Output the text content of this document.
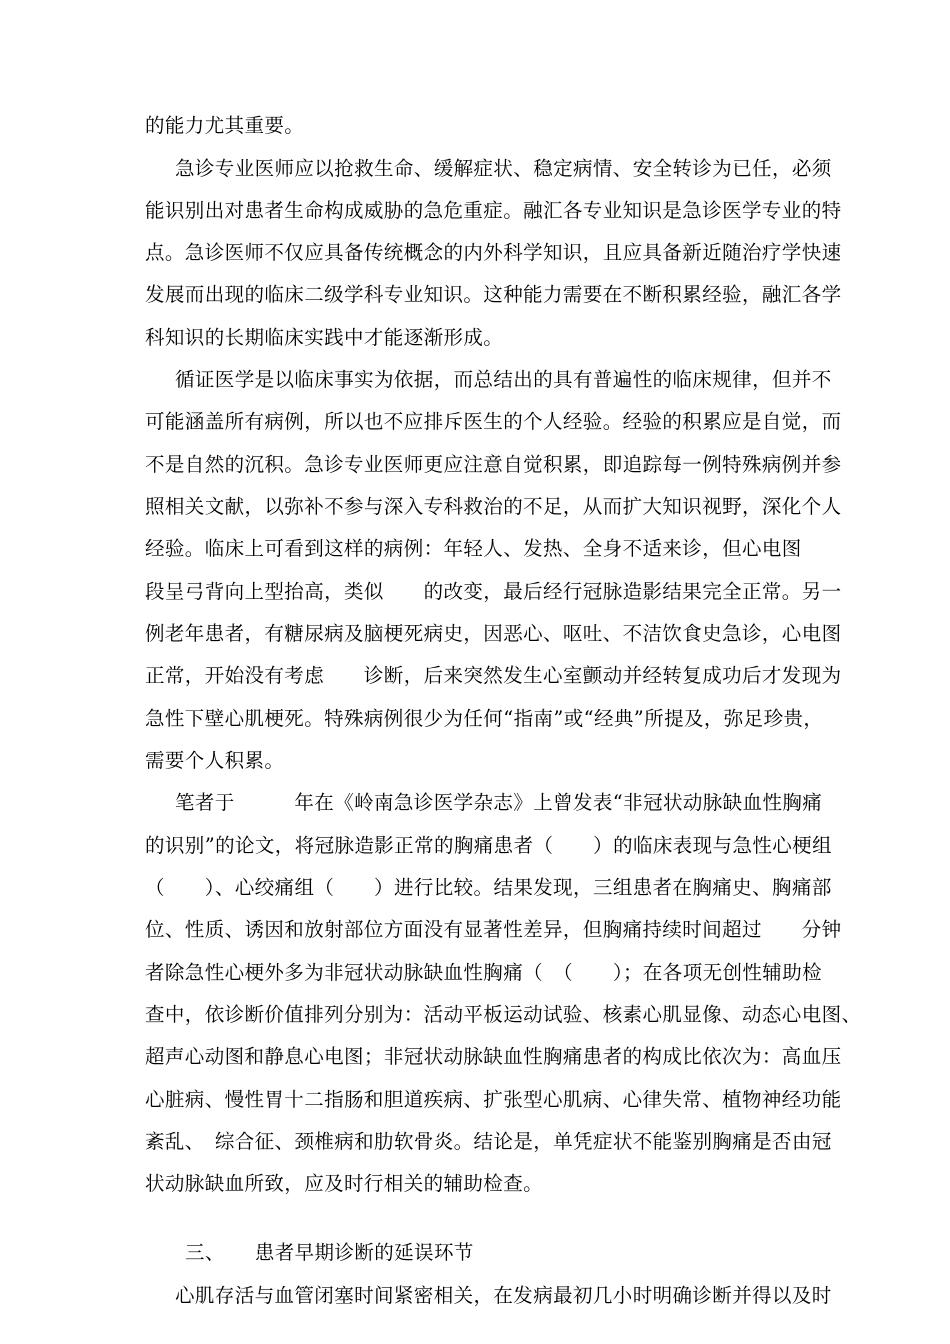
的能力尤其重要。
急诊专业医师应以抢救生命、缓解症状、稳定病情、安全转诊为已任，必须
能识别出对患者生命构成威胁的急危重症。融汇各专业知识是急诊医学专业的特
点。急诊医师不仅应具备传统概念的内外科学知识，且应具备新近随治疗学快速
发展而出现的临床二级学科专业知识。这种能力需要在不断积累经验，融汇各学
科知识的长期临床实践中才能逐渐形成。
循证医学是以临床事实为依据，而总结出的具有普遍性的临床规律，但并不
可能涵盖所有病例，所以也不应排斥医生的个人经验。经验的积累应是自觉，而
不是自然的沉积。急诊专业医师更应注意自觉积累，即追踪每一例特殊病例并参
照相关文献，以弥补不参与深入专科救治的不足，从而扩大知识视野，深化个人
经验。临床上可看到这样的病例：年轻人、发热、全身不适来诊，但心电图
段呈弓背向上型抬高，类似　　的改变，最后经行冠脉造影结果完全正常。另一
例老年患者，有糖尿病及脑梗死病史，因恶心、呕吐、不洁饮食史急诊，心电图
正常，开始没有考虑　　诊断，后来突然发生心室颤动并经转复成功后才发现为
急性下壁心肌梗死。特殊病例很少为任何“指南”或“经典”所提及，弥足珍贵，
需要个人积累。
笔者于　　　年在《岭南急诊医学杂志》上曾发表“非冠状动脉缺血性胸痛
的识别”的论文，将冠脉造影正常的胸痛患者（　　）的临床表现与急性心梗组
（　　）、心绞痛组（　　）进行比较。结果发现，三组患者在胸痛史、胸痛部
位、性质、诱因和放射部位方面没有显著性差异，但胸痛持续时间超过　　分钟
者除急性心梗外多为非冠状动脉缺血性胸痛（　（　　）；在各项无创性辅助检
查中，依诊断价值排列分别为：活动平板运动试验、核素心肌显像、动态心电图、
超声心动图和静息心电图；非冠状动脉缺血性胸痛患者的构成比依次为：高血压
心脏病、慢性胃十二指肠和胆道疾病、扩张型心肌病、心律失常、植物神经功能
紊乱、　综合征、颈椎病和肋软骨炎。结论是，单凭症状不能鉴别胸痛是否由冠
状动脉缺血所致，应及时行相关的辅助检查。
三、　　患者早期诊断的延误环节
心肌存活与血管闭塞时间紧密相关，在发病最初几小时明确诊断并得以及时
